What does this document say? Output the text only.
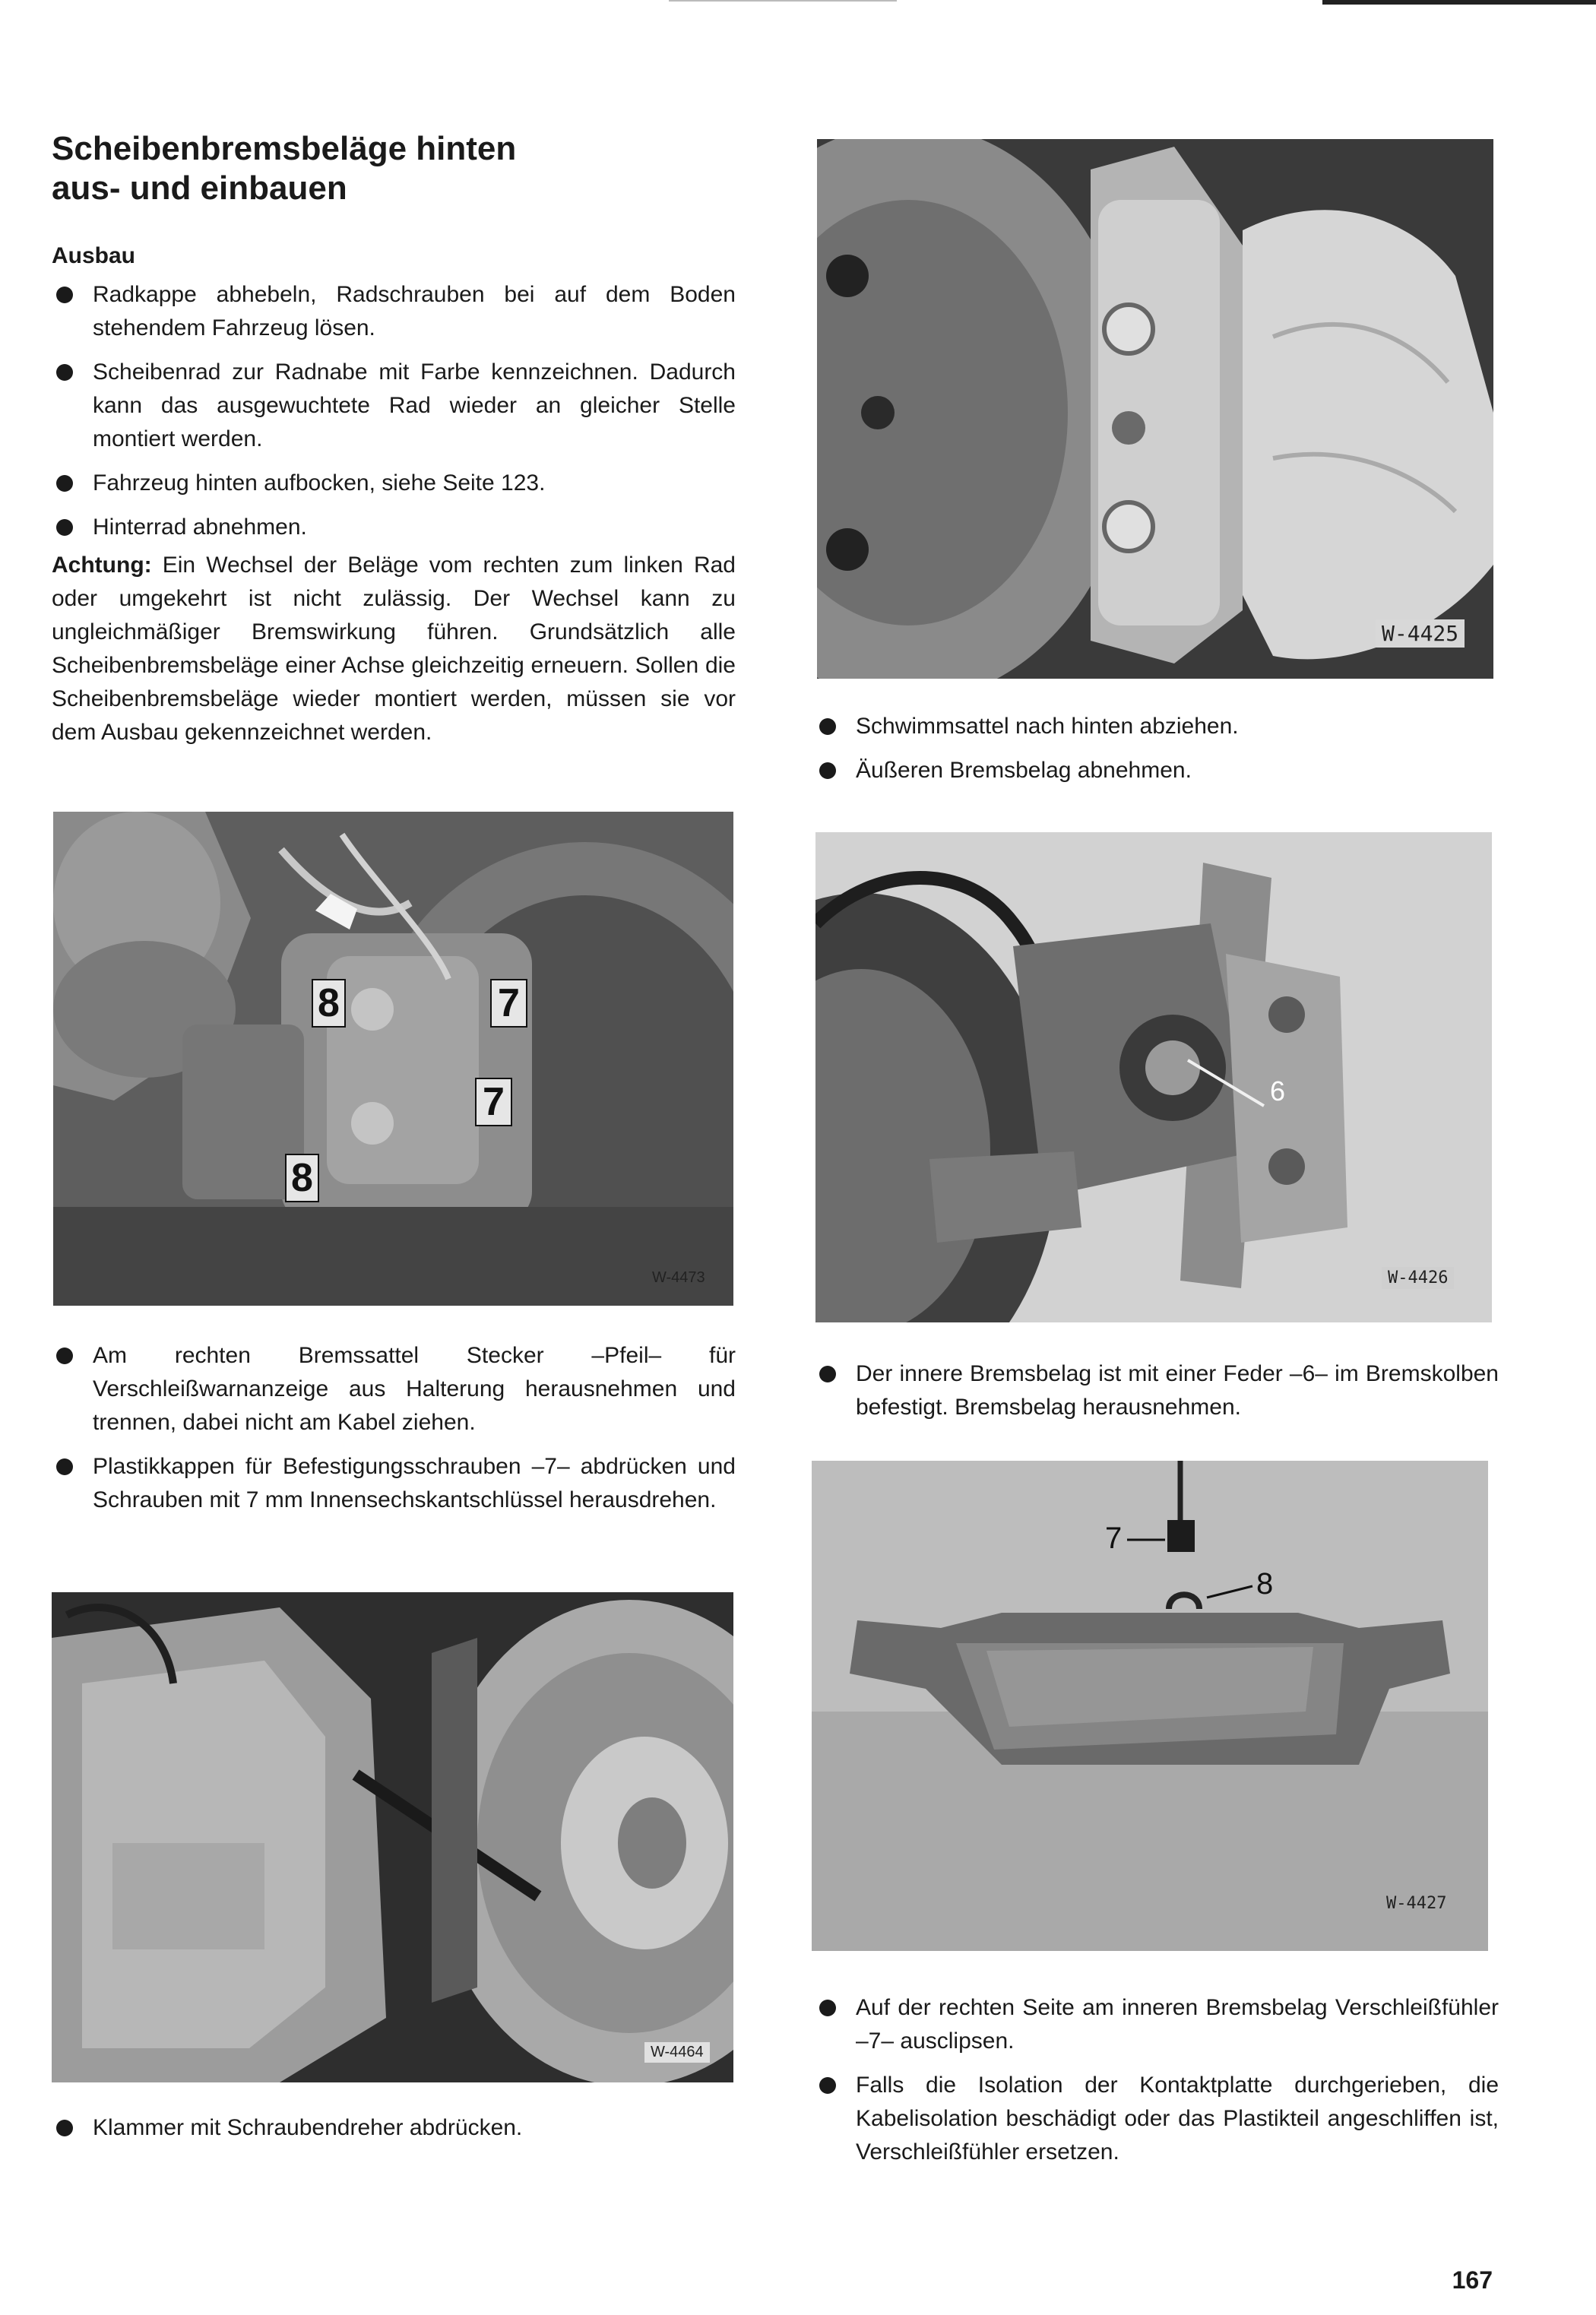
Scheibenbremsbeläge hinten
aus- und einbauen
Ausbau

Radkappe abhebeln, Radschrauben bei auf dem Boden stehendem Fahrzeug lösen.

Scheibenrad zur Radnabe mit Farbe kennzeichnen. Dadurch kann das ausgewuchtete Rad wieder an gleicher Stelle montiert werden.

Fahrzeug hinten aufbocken, siehe Seite 123.

Hinterrad abnehmen.

Achtung: Ein Wechsel der Beläge vom rechten zum linken Rad oder umgekehrt ist nicht zulässig. Der Wechsel kann zu ungleichmäßiger Bremswirkung führen. Grundsätzlich alle Scheibenbremsbeläge einer Achse gleichzeitig erneuern. Sollen die Scheibenbremsbeläge wieder montiert werden, müssen sie vor dem Ausbau gekennzeichnet werden.

W-4473
8	7
7
8

Am rechten Bremssattel Stecker –Pfeil– für Verschleißwarnanzeige aus Halterung herausnehmen und trennen, dabei nicht am Kabel ziehen.

Plastikkappen für Befestigungsschrauben –7– abdrücken und Schrauben mit 7 mm Innensechskantschlüssel herausdrehen.

W-4464

Klammer mit Schraubendreher abdrücken.

W-4425

Schwimmsattel nach hinten abziehen.

Äußeren Bremsbelag abnehmen.

6
W-4426

Der innere Bremsbelag ist mit einer Feder –6– im Bremskolben befestigt. Bremsbelag herausnehmen.

7
8
W-4427

Auf der rechten Seite am inneren Bremsbelag Verschleißfühler –7– ausclipsen.

Falls die Isolation der Kontaktplatte durchgerieben, die Kabelisolation beschädigt oder das Plastikteil angeschliffen ist, Verschleißfühler ersetzen.

167
